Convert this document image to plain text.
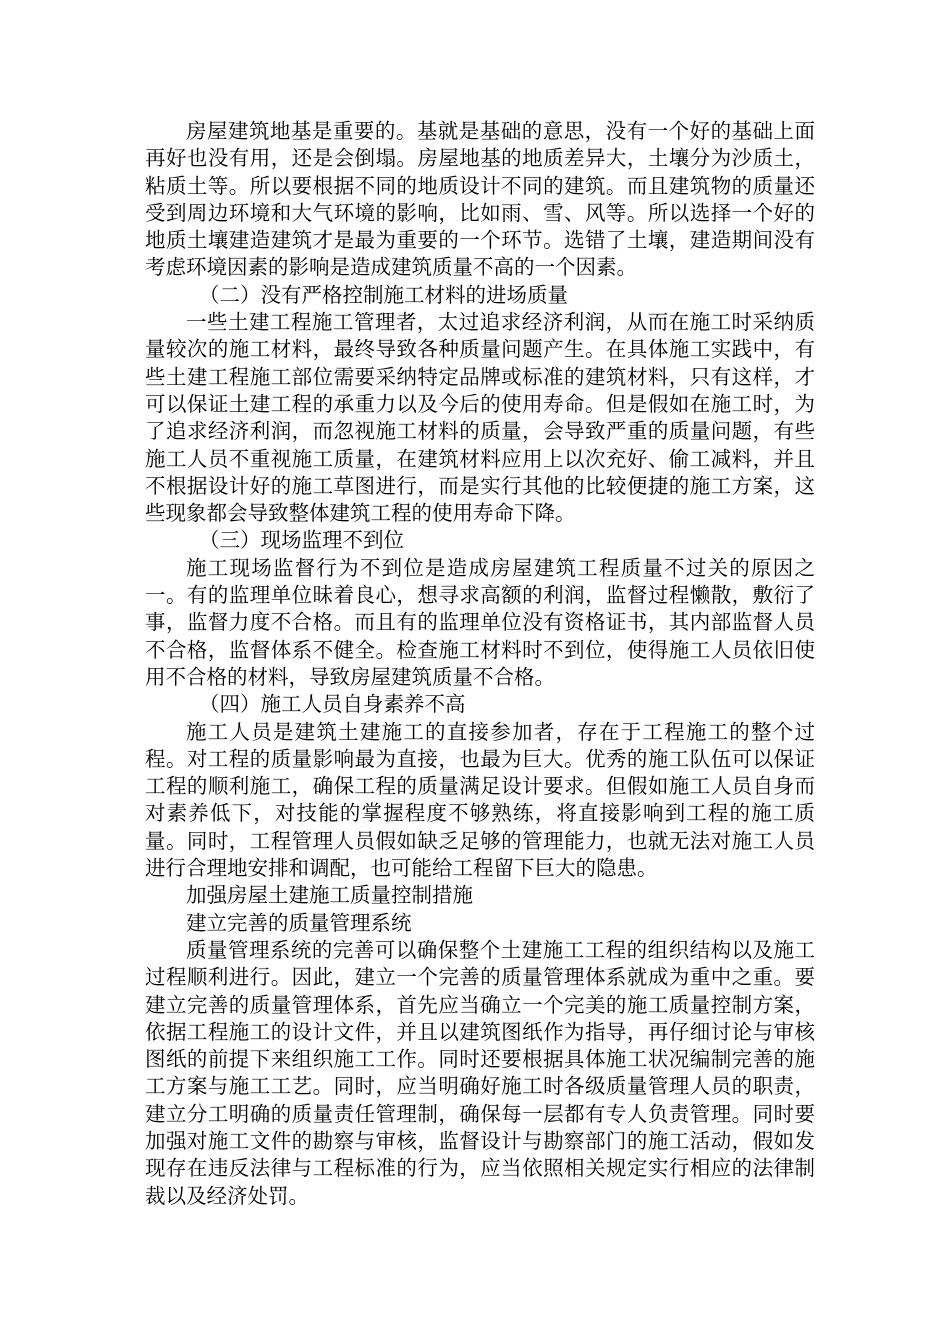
房屋建筑地基是重要的。基就是基础的意思，没有一个好的基础上面再好也没有用，还是会倒塌。房屋地基的地质差异大，土壤分为沙质土，粘质土等。所以要根据不同的地质设计不同的建筑。而且建筑物的质量还受到周边环境和大气环境的影响，比如雨、雪、风等。所以选择一个好的地质土壤建造建筑才是最为重要的一个环节。选错了土壤，建造期间没有考虑环境因素的影响是造成建筑质量不高的一个因素。

（二）没有严格控制施工材料的进场质量

一些土建工程施工管理者，太过追求经济利润，从而在施工时采纳质量较次的施工材料，最终导致各种质量问题产生。在具体施工实践中，有些土建工程施工部位需要采纳特定品牌或标准的建筑材料，只有这样，才可以保证土建工程的承重力以及今后的使用寿命。但是假如在施工时，为了追求经济利润，而忽视施工材料的质量，会导致严重的质量问题，有些施工人员不重视施工质量，在建筑材料应用上以次充好、偷工减料，并且不根据设计好的施工草图进行，而是实行其他的比较便捷的施工方案，这些现象都会导致整体建筑工程的使用寿命下降。

（三）现场监理不到位

施工现场监督行为不到位是造成房屋建筑工程质量不过关的原因之一。有的监理单位昧着良心，想寻求高额的利润，监督过程懒散，敷衍了事，监督力度不合格。而且有的监理单位没有资格证书，其内部监督人员不合格，监督体系不健全。检查施工材料时不到位，使得施工人员依旧使用不合格的材料，导致房屋建筑质量不合格。

（四）施工人员自身素养不高

施工人员是建筑土建施工的直接参加者，存在于工程施工的整个过程。对工程的质量影响最为直接，也最为巨大。优秀的施工队伍可以保证工程的顺利施工，确保工程的质量满足设计要求。但假如施工人员自身而对素养低下，对技能的掌握程度不够熟练，将直接影响到工程的施工质量。同时，工程管理人员假如缺乏足够的管理能力，也就无法对施工人员进行合理地安排和调配，也可能给工程留下巨大的隐患。

加强房屋土建施工质量控制措施

建立完善的质量管理系统

质量管理系统的完善可以确保整个土建施工工程的组织结构以及施工过程顺利进行。因此，建立一个完善的质量管理体系就成为重中之重。要建立完善的质量管理体系，首先应当确立一个完美的施工质量控制方案，依据工程施工的设计文件，并且以建筑图纸作为指导，再仔细讨论与审核图纸的前提下来组织施工工作。同时还要根据具体施工状况编制完善的施工方案与施工工艺。同时，应当明确好施工时各级质量管理人员的职责，建立分工明确的质量责任管理制，确保每一层都有专人负责管理。同时要加强对施工文件的勘察与审核，监督设计与勘察部门的施工活动，假如发现存在违反法律与工程标准的行为，应当依照相关规定实行相应的法律制裁以及经济处罚。
